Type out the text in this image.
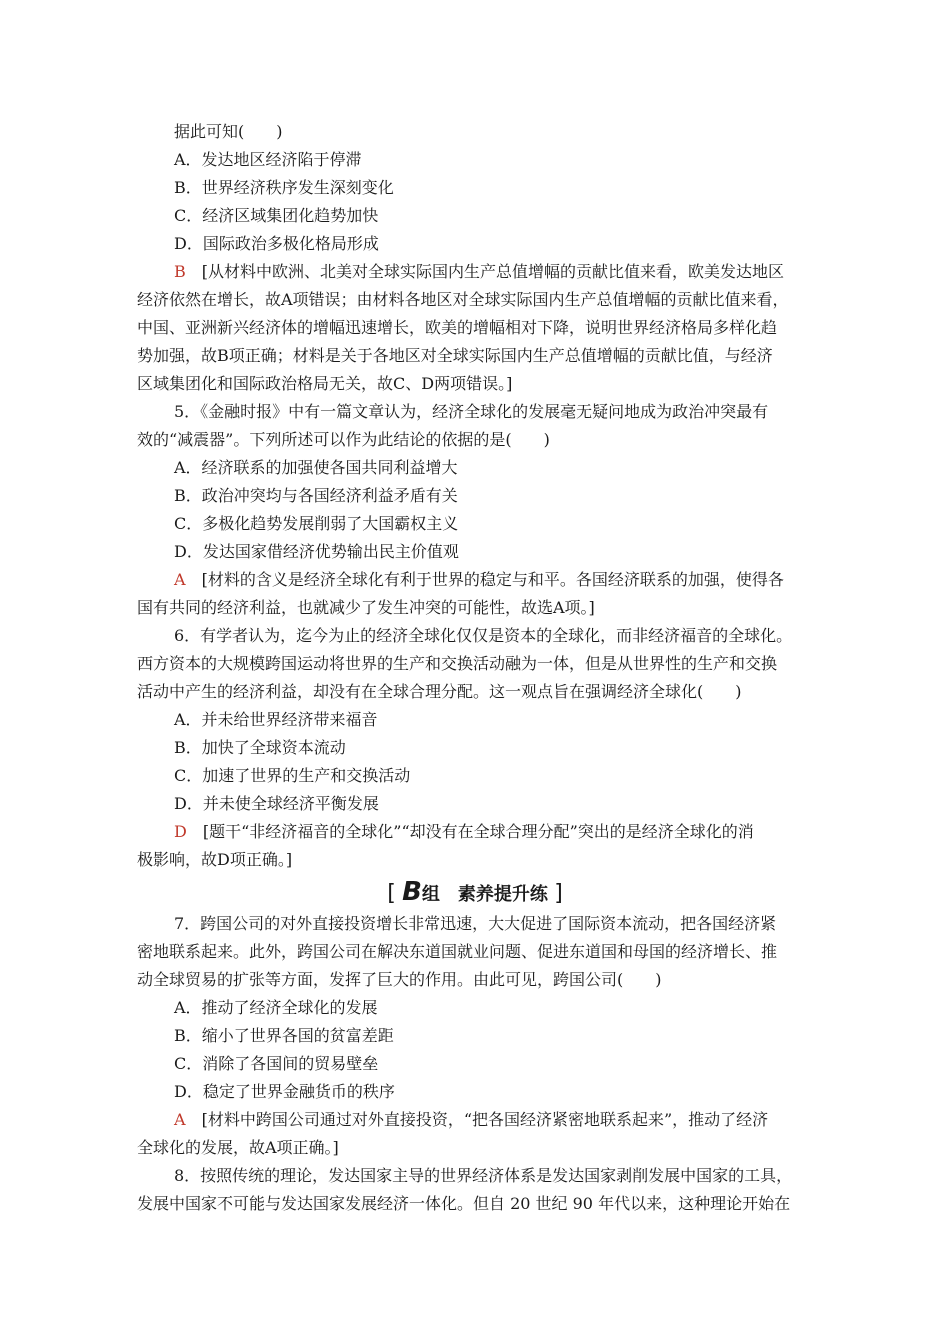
据此可知(　　)
A．发达地区经济陷于停滞
B．世界经济秩序发生深刻变化
C．经济区域集团化趋势加快
D．国际政治多极化格局形成
B　 [从材料中欧洲、北美对全球实际国内生产总值增幅的贡献比值来看，欧美发达地区
经济依然在增长，故A项错误；由材料各地区对全球实际国内生产总值增幅的贡献比值来看，
中国、亚洲新兴经济体的增幅迅速增长，欧美的增幅相对下降，说明世界经济格局多样化趋
势加强，故B项正确；材料是关于各地区对全球实际国内生产总值增幅的贡献比值，与经济
区域集团化和国际政治格局无关，故C、D两项错误。]
5．《金融时报》中有一篇文章认为，经济全球化的发展毫无疑问地成为政治冲突最有
效的“减震器”。下列所述可以作为此结论的依据的是(　　)
A．经济联系的加强使各国共同利益增大
B．政治冲突均与各国经济利益矛盾有关
C．多极化趋势发展削弱了大国霸权主义
D．发达国家借经济优势输出民主价值观
A　 [材料的含义是经济全球化有利于世界的稳定与和平。各国经济联系的加强，使得各
国有共同的经济利益，也就减少了发生冲突的可能性，故选A项。]
6．有学者认为，迄今为止的经济全球化仅仅是资本的全球化，而非经济福音的全球化。
西方资本的大规模跨国运动将世界的生产和交换活动融为一体，但是从世界性的生产和交换
活动中产生的经济利益，却没有在全球合理分配。这一观点旨在强调经济全球化(　　)
A．并未给世界经济带来福音
B．加快了全球资本流动
C．加速了世界的生产和交换活动
D．并未使全球经济平衡发展
D　 [题干“非经济福音的全球化”“却没有在全球合理分配”突出的是经济全球化的消
极影响，故D项正确。]
[ B组　素养提升练 ]
7．跨国公司的对外直接投资增长非常迅速，大大促进了国际资本流动，把各国经济紧
密地联系起来。此外，跨国公司在解决东道国就业问题、促进东道国和母国的经济增长、推
动全球贸易的扩张等方面，发挥了巨大的作用。由此可见，跨国公司(　　)
A．推动了经济全球化的发展
B．缩小了世界各国的贫富差距
C．消除了各国间的贸易壁垒
D．稳定了世界金融货币的秩序
A　 [材料中跨国公司通过对外直接投资，“把各国经济紧密地联系起来”，推动了经济
全球化的发展，故A项正确。]
8．按照传统的理论，发达国家主导的世界经济体系是发达国家剥削发展中国家的工具，
发展中国家不可能与发达国家发展经济一体化。但自 20 世纪 90 年代以来，这种理论开始在
